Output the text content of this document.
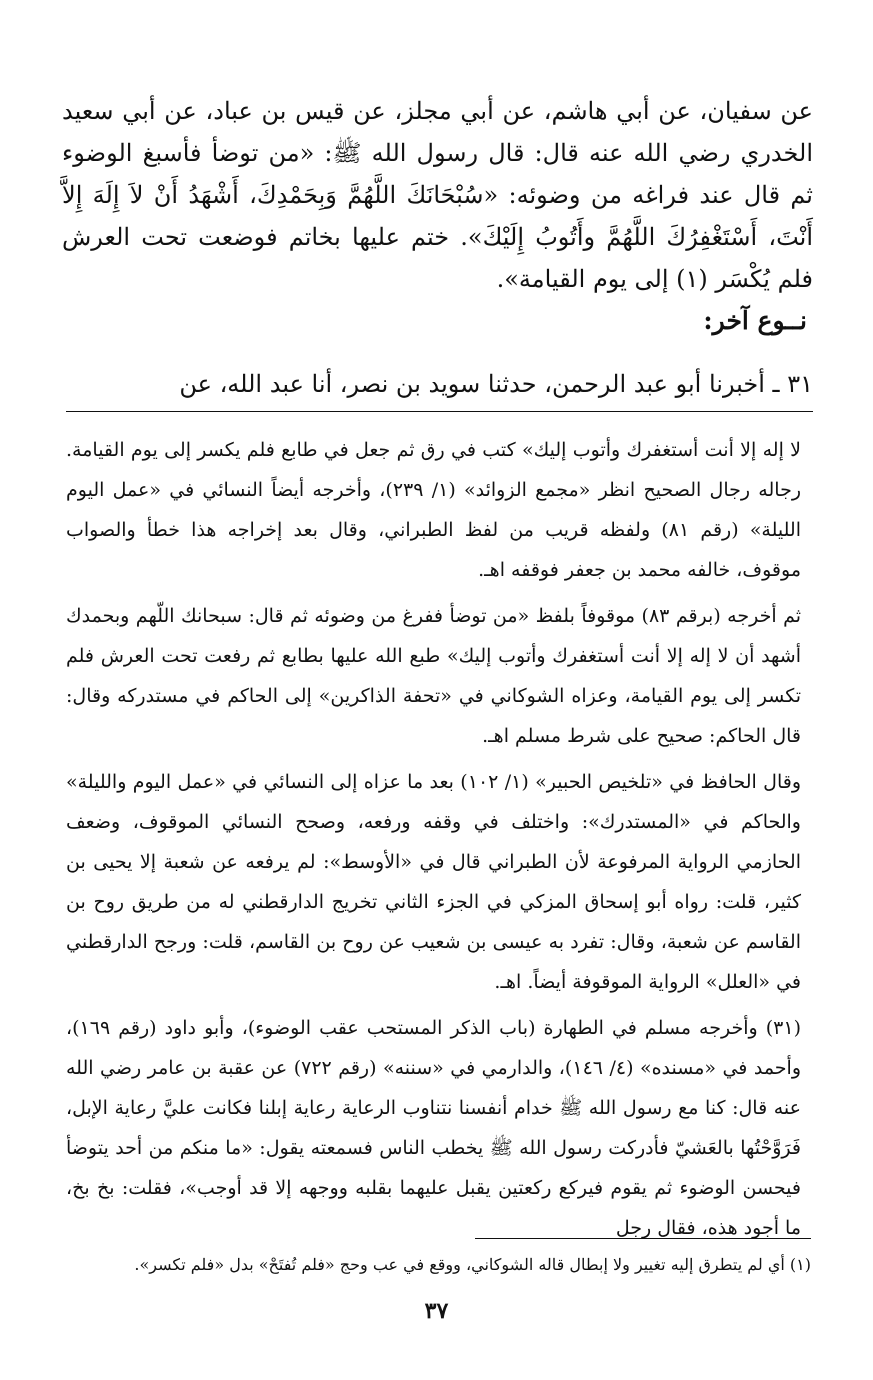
عن سفيان، عن أبي هاشم، عن أبي مجلز، عن قيس بن عباد، عن أبي سعيد الخدري رضي الله عنه قال: قال رسول الله ﷺ: «من توضأ فأسبغ الوضوء ثم قال عند فراغه من وضوئه: «سُبْحَانَكَ اللَّهُمَّ وَبِحَمْدِكَ، أَشْهَدُ أَنْ لاَ إِلَهَ إِلاَّ أَنْتَ، أَسْتَغْفِرُكَ اللَّهُمَّ وأَتُوبُ إِلَيْكَ». ختم عليها بخاتم فوضعت تحت العرش فلم يُكْسَر (١) إلى يوم القيامة».

نــوع آخر:
٣١ ـ أخبرنا أبو عبد الرحمن، حدثنا سويد بن نصر، أنا عبد الله، عن

لا إله إلا أنت أستغفرك وأتوب إليك» كتب في رق ثم جعل في طابع فلم يكسر إلى يوم القيامة. رجاله رجال الصحيح انظر «مجمع الزوائد» (١/ ٢٣٩)، وأخرجه أيضاً النسائي في «عمل اليوم الليلة» (رقم ٨١) ولفظه قريب من لفظ الطبراني، وقال بعد إخراجه هذا خطأ والصواب موقوف، خالفه محمد بن جعفر فوقفه اهـ.

ثم أخرجه (برقم ٨٣) موقوفاً بلفظ «من توضأ ففرغ من وضوئه ثم قال: سبحانك اللّهم وبحمدك أشهد أن لا إله إلا أنت أستغفرك وأتوب إليك» طبع الله عليها بطابع ثم رفعت تحت العرش فلم تكسر إلى يوم القيامة، وعزاه الشوكاني في «تحفة الذاكرين» إلى الحاكم في مستدركه وقال: قال الحاكم: صحيح على شرط مسلم اهـ.

وقال الحافظ في «تلخيص الحبير» (١/ ١٠٢) بعد ما عزاه إلى النسائي في «عمل اليوم والليلة» والحاكم في «المستدرك»: واختلف في وقفه ورفعه، وصحح النسائي الموقوف، وضعف الحازمي الرواية المرفوعة لأن الطبراني قال في «الأوسط»: لم يرفعه عن شعبة إلا يحيى بن كثير، قلت: رواه أبو إسحاق المزكي في الجزء الثاني تخريج الدارقطني له من طريق روح بن القاسم عن شعبة، وقال: تفرد به عيسى بن شعيب عن روح بن القاسم، قلت: ورجح الدارقطني في «العلل» الرواية الموقوفة أيضاً. اهـ.

(٣١) وأخرجه مسلم في الطهارة (باب الذكر المستحب عقب الوضوء)، وأبو داود (رقم ١٦٩)، وأحمد في «مسنده» (٤/ ١٤٦)، والدارمي في «سننه» (رقم ٧٢٢) عن عقبة بن عامر رضي الله عنه قال: كنا مع رسول الله ﷺ خدام أنفسنا نتناوب الرعاية رعاية إبلنا فكانت عليَّ رعاية الإبل، فَرَوَّحْتُها بالعَشيّ فأدركت رسول الله ﷺ يخطب الناس فسمعته يقول: «ما منكم من أحد يتوضأ فيحسن الوضوء ثم يقوم فيركع ركعتين يقبل عليهما بقلبه ووجهه إلا قد أوجب»، فقلت: بخ بخ، ما أجود هذه، فقال رجل

(١) أي لم يتطرق إليه تغيير ولا إبطال قاله الشوكاني، ووقع في عب وحج «فلم تُفتَحْ» بدل «فلم تكسر».
٣٧
